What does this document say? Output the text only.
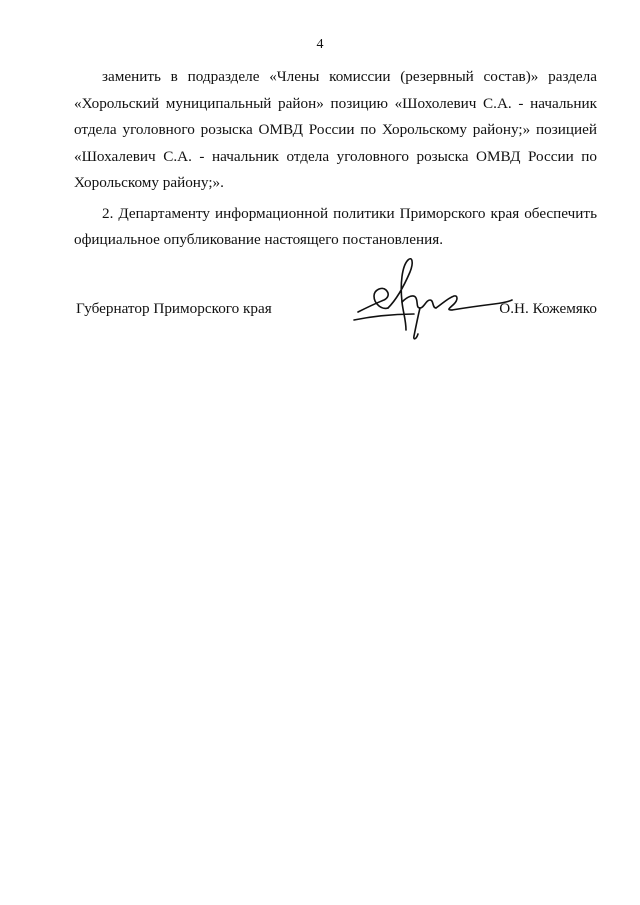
4

заменить в подразделе «Члены комиссии (резервный состав)» раздела «Хорольский муниципальный район» позицию «Шохолевич С.А. - начальник отдела уголовного розыска ОМВД России по Хорольскому району;» позицией «Шохалевич С.А. - начальник отдела уголовного розыска ОМВД России по Хорольскому району;».

2. Департаменту информационной политики Приморского края обеспечить официальное опубликование настоящего постановления.

Губернатор Приморского края	О.Н. Кожемяко
